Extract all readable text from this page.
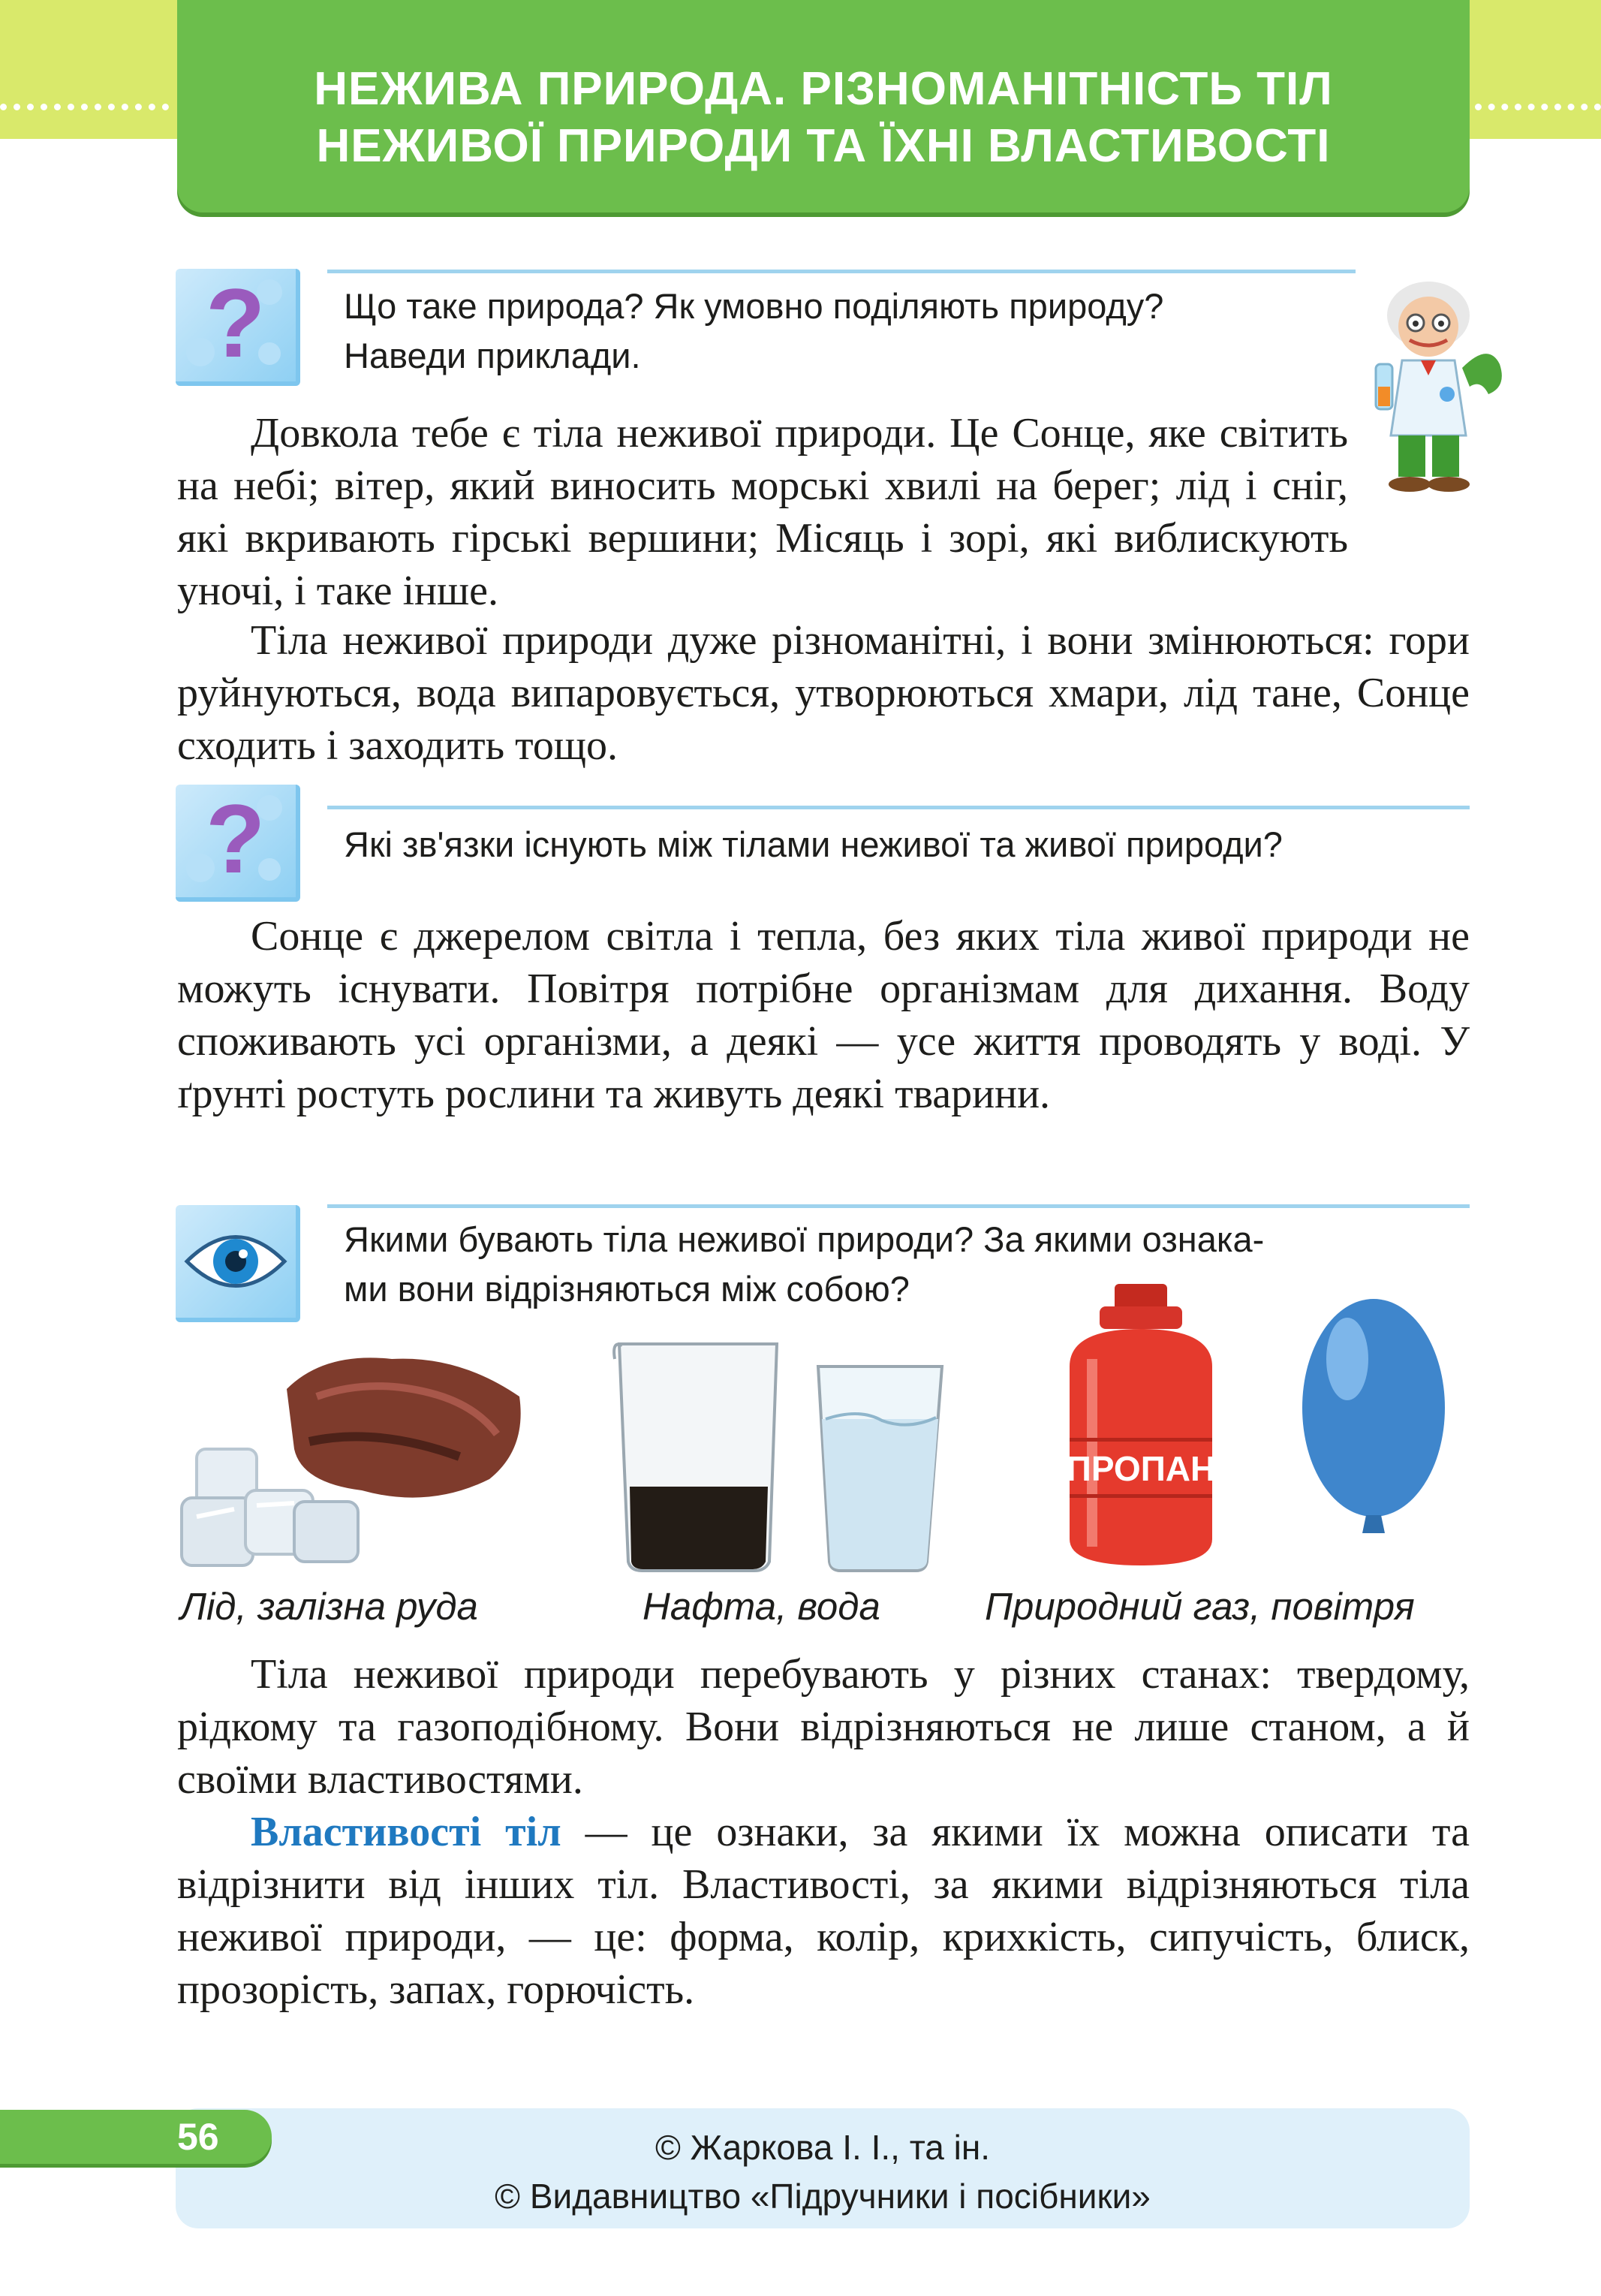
НЕЖИВА ПРИРОДА. РІЗНОМАНІТНІСТЬ ТІЛ
НЕЖИВОЇ ПРИРОДИ ТА ЇХНІ ВЛАСТИВОСТІ

? Що таке природа? Як умовно поділяють природу?
Наведи приклади.

Довкола тебе є тіла неживої природи. Це Сонце, яке світить на небі; вітер, який виносить морські хвилі на берег; лід і сніг, які вкривають гірські вершини; Місяць і зорі, які виблискують уночі, і таке інше.

Тіла неживої природи дуже різноманітні, і вони змінюються: гори руйнуються, вода випаровується, утворюються хмари, лід тане, Сонце сходить і заходить тощо.

? Які зв'язки існують між тілами неживої та живої природи?

Сонце є джерелом світла і тепла, без яких тіла живої природи не можуть існувати. Повітря потрібне організмам для дихання. Воду споживають усі організми, а деякі — усе життя проводять у воді. У ґрунті ростуть рослини та живуть деякі тварини.

Якими бувають тіла неживої природи? За якими ознака-
ми вони відрізняються між собою?

ПРОПАН

Лід, залізна руда	Нафта, вода	Природний газ, повітря

Тіла неживої природи перебувають у різних станах: твердому, рідкому та газоподібному. Вони відрізняються не лише станом, а й своїми властивостями.

Властивості тіл — це ознаки, за якими їх можна описати та відрізнити від інших тіл. Властивості, за якими відрізняються тіла неживої природи, — це: форма, колір, крихкість, сипучість, блиск, прозорість, запах, горючість.

56	© Жаркова І. І., та ін.

© Видавництво «Підручники і посібники»
